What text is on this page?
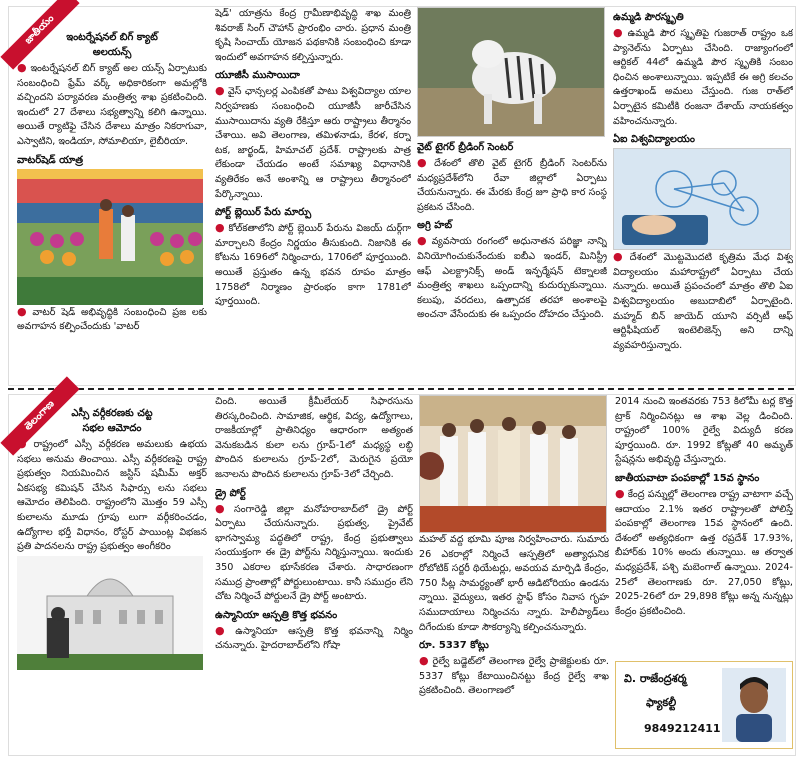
జాతీయం ఇంటర్నేషనల్ బిగ్ క్యాట్
అలయన్స్

● ఇంటర్నేషనల్ బిగ్ క్యాట్ అల యన్స్ ఏర్పాటుకు సంబంధించి ఫ్రేమ్ వర్క్ అధికారికంగా అమల్లోకి వచ్చిందని పర్యావరణ మంత్రిత్వ శాఖ ప్రకటించింది. ఇందులో 27 దేశాలు సభ్యత్వాన్ని కలిగి ఉన్నాయి. అయితే ర్యాటిఫై చేసిన దేశాలు మాత్రం నికరాగువా, ఎస్వాటిని, ఇండియా, సోమాలియా, లైబీరియా.

వాటర్‌షెడ్ యాత్ర

● వాటర్ షెడ్ అభివృద్ధికి సంబంధించి ప్రజ లకు అవగాహన కల్పించేందుకు 'వాటర్

షెడ్' యాత్రను కేంద్ర గ్రామీణాభివృద్ధి శాఖ మంత్రి శివరాజ్ సింగ్ చౌహాన్ ప్రారంభిం చారు. ప్రధాన మంత్రి కృషి సించాయ్ యోజన పథకానికి సంబంధించి కూడా ఇందులో అవగాహన కల్పిస్తున్నారు.

యూజీసీ ముసాయిదా

● వైస్ ఛాన్సలర్ల ఎంపికతో పాటు విశ్వవిద్యాల యాల నిర్వహణకు సంబంధించి యూజీసీ జారీచేసిన ముసాయిదాను వ్యతి రేకిస్తూ ఆరు రాష్ట్రాలు తీర్మానం చేశాయి. అవి తెలంగాణ, తమిళనాడు, కేరళ, కర్నా టక, జార్ఖండ్, హిమాచల్ ప్రదేశ్. రాష్ట్రాలకు పాత్ర లేకుండా చేయడం అంటే సమాఖ్య విధానానికి వ్యతిరేకం అనే అంశాన్ని ఆ రాష్ట్రాలు తీర్మానంలో పేర్కొన్నాయి.

పోర్ట్ బ్లెయిర్ పేరు మార్పు

● కోల్‌కతాలోని పోర్ట్ బ్లెయిర్ పేరును విజయ్ దుర్గ్‌గా మార్చాలని కేంద్రం నిర్ణయం తీసుకుంది. నిజానికి ఈ కోటను 1696లో నిర్మించారు, 1706లో పూర్తయింది. అయితే ప్రస్తుతం ఉన్న భవన రూపం మాత్రం 1758లో నిర్మాణం ప్రారంభం కాగా 1781లో పూర్తయింది.

వైట్ టైగర్ బ్రీడింగ్ సెంటర్

● దేశంలో తొలి వైట్ టైగర్ బ్రీడింగ్ సెంటర్‌ను మధ్యప్రదేశ్‌లోని రేవా జిల్లాలో ఏర్పాటు చేయనున్నారు. ఈ మేరకు కేంద్ర జూ ప్రాధి కార సంస్థ ప్రకటన చేసింది.

అగ్రి హబ్

● వ్యవసాయ రంగంలో అధునాతన పరిజ్ఞా నాన్ని వినియోగించుకునేందుకు ఐబీఎ ఇండర్, మినిస్ట్రీ ఆఫ్ ఎలక్ట్రానిక్స్ అండ్ ఇన్ఫర్మేషన్ టెక్నాలజీ మంత్రిత్వ శాఖలు ఒప్పందాన్ని కుదుర్చుకున్నాయి. కలుపు, వరదలు, ఉత్పాదక తరహా అంశాలపై అంచనా వేసేందుకు ఈ ఒప్పందం దోహదం చేస్తుంది.

ఉమ్మడి పౌరస్మృతి

● ఉమ్మడి పౌర స్మృతిపై గుజరాత్ రాష్ట్రం ఒక ప్యానెల్‌ను ఏర్పాటు చేసింది. రాజ్యాంగంలో ఆర్టికల్ 44లో ఉమ్మడి పౌర స్మృతికి సంబం ధించిన అంశాలున్నాయి. ఇప్పటికే ఈ అగ్రి కలచం ఉత్తరాఖండ్ అమలు చేస్తుంది. గుజ రాత్‌లో ఏర్పాటైన కమిటీకి రంజనా దేశాయ్ నాయకత్వం వహించనున్నారు.

ఏఐ విశ్వవిద్యాలయం

● దేశంలో మొట్టమొదటి కృత్రిమ మేధ విశ్వ విద్యాలయం మహారాష్ట్రలో ఏర్పాటు చేయ నున్నారు. అయితే ప్రపంచంలో మాత్రం తొలి ఏఐ విశ్వవిద్యాలయం అబుదాబిలో ఏర్పాటైంది. మహ్మద్ బిన్ జాయెద్ యూని వర్సిటీ ఆఫ్ ఆర్టిఫీషియల్ ఇంటెలిజెన్స్ అని దాన్ని వ్యవహరిస్తున్నారు.

తెలంగాణ	ఎస్సీ వర్గీకరణకు చట్ట
సభల ఆమోదం

● రాష్ట్రంలో ఎస్సీ వర్గీకరణ అమలుకు ఉభయ సభలు అనుమ తించాయి. ఎస్సీ వర్గీకరణపై రాష్ట్ర ప్రభుత్వం నియమించిన జస్టిస్ షమీమ్ అక్తర్ ఏకసభ్య కమిషన్ చేసిన సిఫార్సు లను సభలు ఆమోదం తెలిపింది. రాష్ట్రంలోని మొత్తం 59 ఎస్సీ కులాలను మూడు గ్రూపు లుగా వర్గీకరించడం, ఉద్యోగాల భర్తీ విధానం, రోస్టర్ పాయింట్ల విభజన ప్రతి పాదనలను రాష్ట్ర ప్రభుత్వం అంగీకరిం

చింది. అయితే క్రీమీలేయర్ సిఫారసును తిరస్కరించింది. సామాజిక, ఆర్థిక, విద్య, ఉద్యోగాలు, రాజకీయాల్లో ప్రాతినిధ్యం ఆధారంగా అత్యంత వెనుకబడిన కులా లను గ్రూప్-1లో మధ్యస్థ లబ్ధి పొందిన కులాలను గ్రూప్-2లో, మెరుగైన ప్రయో జనాలను పొందిన కులాలను గ్రూప్-3లో చేర్చింది.

డ్రై పోర్ట్

● సంగారెడ్డి జిల్లా మనోహరాబాద్‌లో డ్రై పోర్ట్ ఏర్పాటు చేయనున్నారు. ప్రభుత్వ, ప్రైవేట్ భాగస్వామ్య పద్ధతిలో రాష్ట్ర, కేంద్ర ప్రభుత్వాలు సంయుక్తంగా ఈ డ్రై పోర్ట్‌ను నిర్మిస్తున్నాయి. ఇందుకు 350 ఎకరాల భూసేకరణ చేశారు. సాధారణంగా సముద్ర ప్రాంతాల్లో పోర్టులుంటాయి. కానీ సముద్రం లేని చోట నిర్మించే పోర్టులనే డ్రై పోర్ట్ అంటారు.

ఉస్మానియా ఆస్పత్రి కొత్త భవనం

● ఉస్మానియా ఆస్పత్రి కొత్త భవనాన్ని నిర్మిం చనున్నారు. హైదరాబాద్‌లోని గోషా

మహల్ వద్ద భూమి పూజ నిర్వహించారు. సుమారు 26 ఎకరాల్లో నిర్మించే ఆస్పత్రిలో అత్యాధునిక రోబోటిక్ సర్జరీ థియేటర్లు, అవయవ మార్పిడి కేంద్రం, 750 సీట్ల సామర్థ్యంతో భారీ ఆడిటోరియం ఉండను న్నాయి. వైద్యులు, ఇతర స్టాఫ్ కోసం నివాస గృహ సముదాయాలు నిర్మించను న్నారు. హెలీప్యాడ్‌లు దిగేందుకు కూడా సౌకర్యాన్ని కల్పించనున్నారు.

రూ. 5337 కోట్లు

● రైల్వే బడ్జెట్‌లో తెలంగాణ రైల్వే ప్రాజెక్టులకు రూ. 5337 కోట్లు కేటాయించినట్టు కేంద్ర రైల్వే శాఖ ప్రకటించింది. తెలంగాణలో

2014 నుంచి ఇంతవరకు 753 కిలోమీ టర్ల కొత్త ట్రాక్ నిర్మించినట్లు ఆ శాఖ వెల్ల డించింది. రాష్ట్రంలో 100% రైల్వే విద్యుదీ కరణ పూర్తయింది. రూ. 1992 కోట్లతో 40 అమృత్ స్టేషన్లను అభివృద్ధి చేస్తున్నారు.

జాతీయవాటా పంపకాల్లో 15వ స్థానం

● కేంద్ర పన్నుల్లో తెలంగాణ రాష్ట్ర వాటాగా వచ్చే ఆదాయం 2.1% ఇతర రాష్ట్రాలతో పోలిస్తే పంపకాల్లో తెలంగాణ 15వ స్థానంలో ఉంది. దేశంలో అత్యధికంగా ఉత్త రప్రదేశ్ 17.93%, బీహార్‌కు 10% అందు తున్నాయి. ఆ తర్వాత మధ్యప్రదేశ్, పశ్చి మబెంగాల్ ఉన్నాయి. 2024-25లో తెలంగాణకు రూ. 27,050 కోట్లు, 2025-26లో రూ 29,898 కోట్లు అన్న నున్నట్లు కేంద్రం ప్రకటించింది.

వి. రాజేంద్రశర్మ
ఫ్యాకల్టీ
9849212411
